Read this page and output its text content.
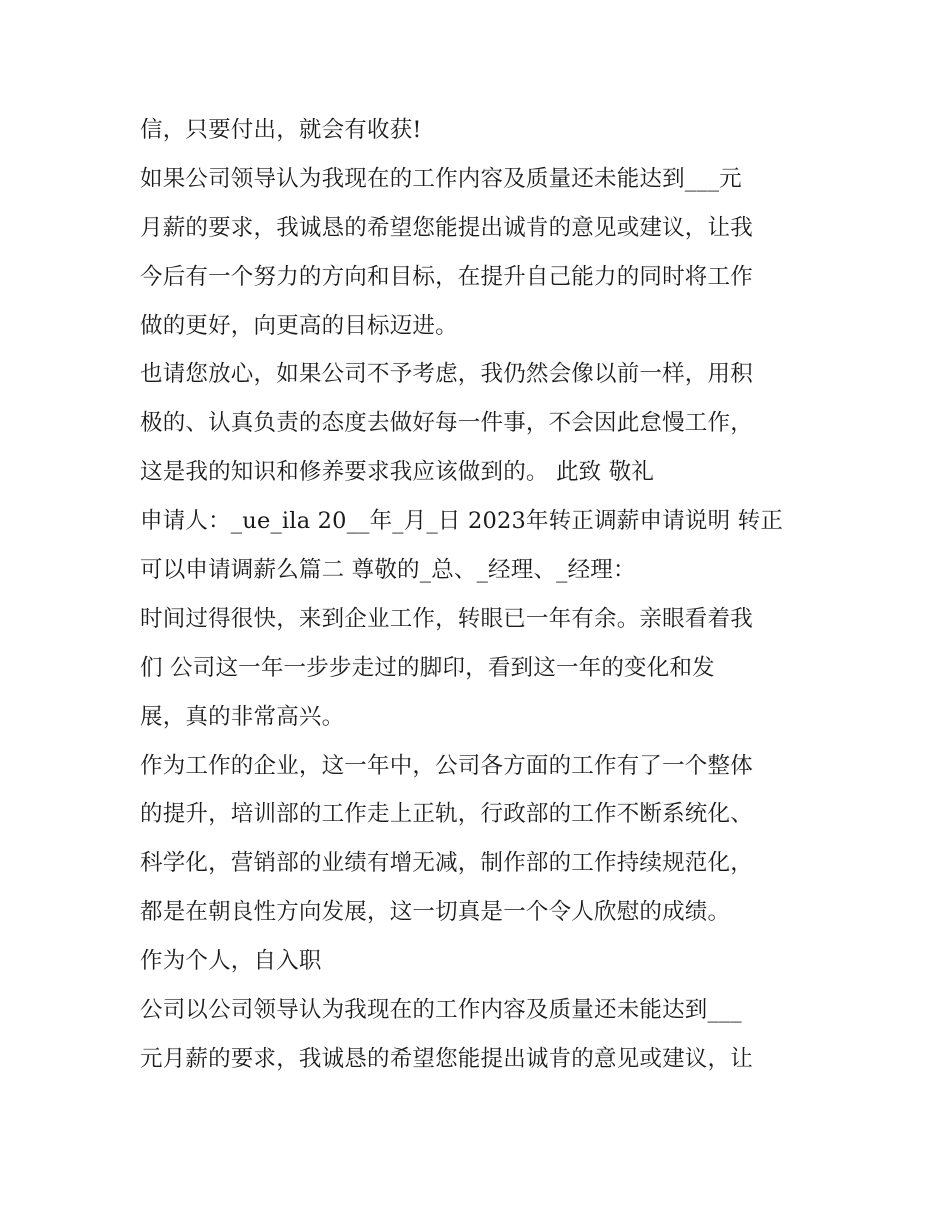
信，只要付出，就会有收获!
如果公司领导认为我现在的工作内容及质量还未能达到___元
月薪的要求，我诚恳的希望您能提出诚肯的意见或建议，让我
今后有一个努力的方向和目标，在提升自己能力的同时将工作
做的更好，向更高的目标迈进。
也请您放心，如果公司不予考虑，我仍然会像以前一样，用积
极的、认真负责的态度去做好每一件事，不会因此怠慢工作，
这是我的知识和修养要求我应该做到的。 此致 敬礼
申请人：_ue_ila 20__年_月_日 2023年转正调薪申请说明 转正
可以申请调薪么篇二 尊敬的_总、_经理、_经理：
时间过得很快，来到企业工作，转眼已一年有余。亲眼看着我
们 公司这一年一步步走过的脚印，看到这一年的变化和发
展，真的非常高兴。
作为工作的企业，这一年中，公司各方面的工作有了一个整体
的提升，培训部的工作走上正轨，行政部的工作不断系统化、
科学化，营销部的业绩有增无减，制作部的工作持续规范化，
都是在朝良性方向发展，这一切真是一个令人欣慰的成绩。
作为个人，自入职
公司以公司领导认为我现在的工作内容及质量还未能达到___
元月薪的要求，我诚恳的希望您能提出诚肯的意见或建议，让
